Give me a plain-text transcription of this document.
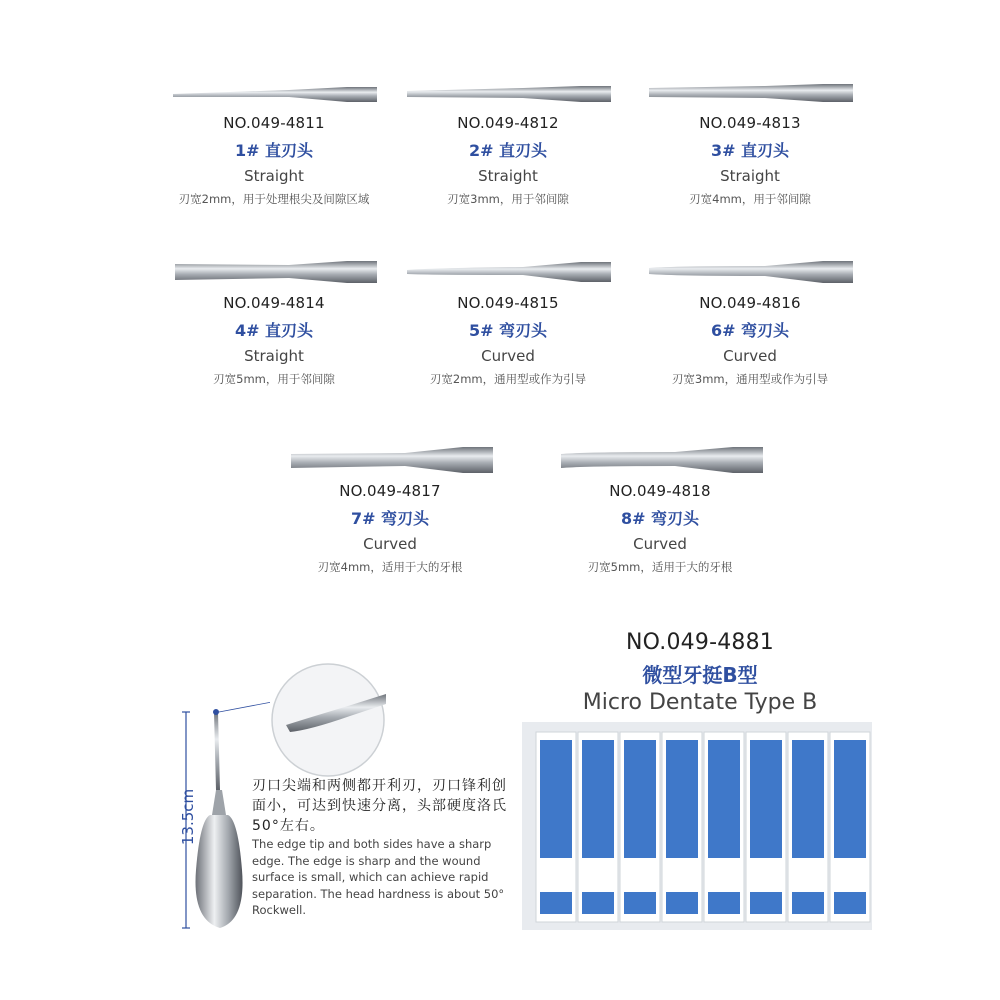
NO.049-4811
1# 直刃头
Straight
刃宽2mm，用于处理根尖及间隙区域
NO.049-4812
2# 直刃头
Straight
刃宽3mm，用于邻间隙
NO.049-4813
3# 直刃头
Straight
刃宽4mm，用于邻间隙
NO.049-4814
4# 直刃头
Straight
刃宽5mm，用于邻间隙
NO.049-4815
5# 弯刃头
Curved
刃宽2mm，通用型或作为引导
NO.049-4816
6# 弯刃头
Curved
刃宽3mm，通用型或作为引导
NO.049-4817
7# 弯刃头
Curved
刃宽4mm，适用于大的牙根
NO.049-4818
8# 弯刃头
Curved
刃宽5mm，适用于大的牙根
NO.049-4881
微型牙挺B型
Micro Dentate Type B
13.5cm
刃口尖端和两侧都开利刃，刃口锋利创面小，可达到快速分离，头部硬度洛氏50°左右。
The edge tip and both sides have a sharp edge. The edge is sharp and the wound surface is small, which can achieve rapid separation. The head hardness is about 50° Rockwell.
